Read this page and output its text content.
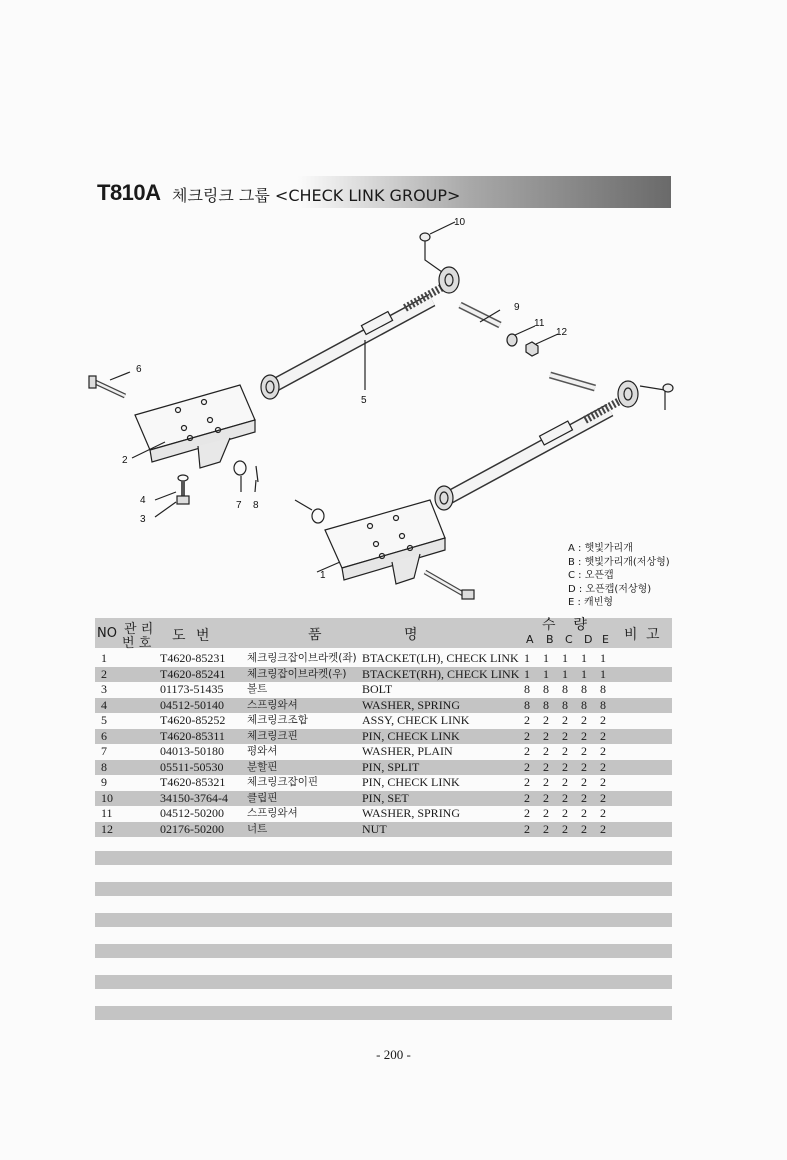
T810A 체크링크 그룹 <CHECK LINK GROUP>
1
2
3
4
5
6
7 8
9
10
11
12
A : 햇빛가리개
B : 햇빛가리개(저상형)
C : 오픈캡
D : 오픈캡(저상형)
E : 캐빈형
NO 관 리
번 호 도 번	품	명
수    량
비 고
A B C D E
1	T4620-85231 체크링크잡이브라켓(좌) BTACKET(LH), CHECK LINK 1	1	1	1	1
2	T4620-85241 체크링잡이브라켓(우) BTACKET(RH), CHECK LINK 1	1	1	1	1
3	01173-51435 볼트	BOLT	8	8	8	8	8
4	04512-50140 스프링와셔	WASHER, SPRING	8	8	8	8	8
5	T4620-85252 체크링크조합	ASSY, CHECK LINK	2	2	2	2	2
6	T4620-85311 체크링크핀	PIN, CHECK LINK	2	2	2	2	2
7	04013-50180 평와셔	WASHER, PLAIN	2	2	2	2	2
8	05511-50530 분할핀	PIN, SPLIT	2	2	2	2	2
9	T4620-85321 체크링크잡이핀	PIN, CHECK LINK	2	2	2	2	2
10	34150-3764-4 클립핀	PIN, SET	2	2	2	2	2
11	04512-50200 스프링와셔	WASHER, SPRING	2	2	2	2	2
12	02176-50200 너트	NUT	2	2	2	2	2
- 200 -
